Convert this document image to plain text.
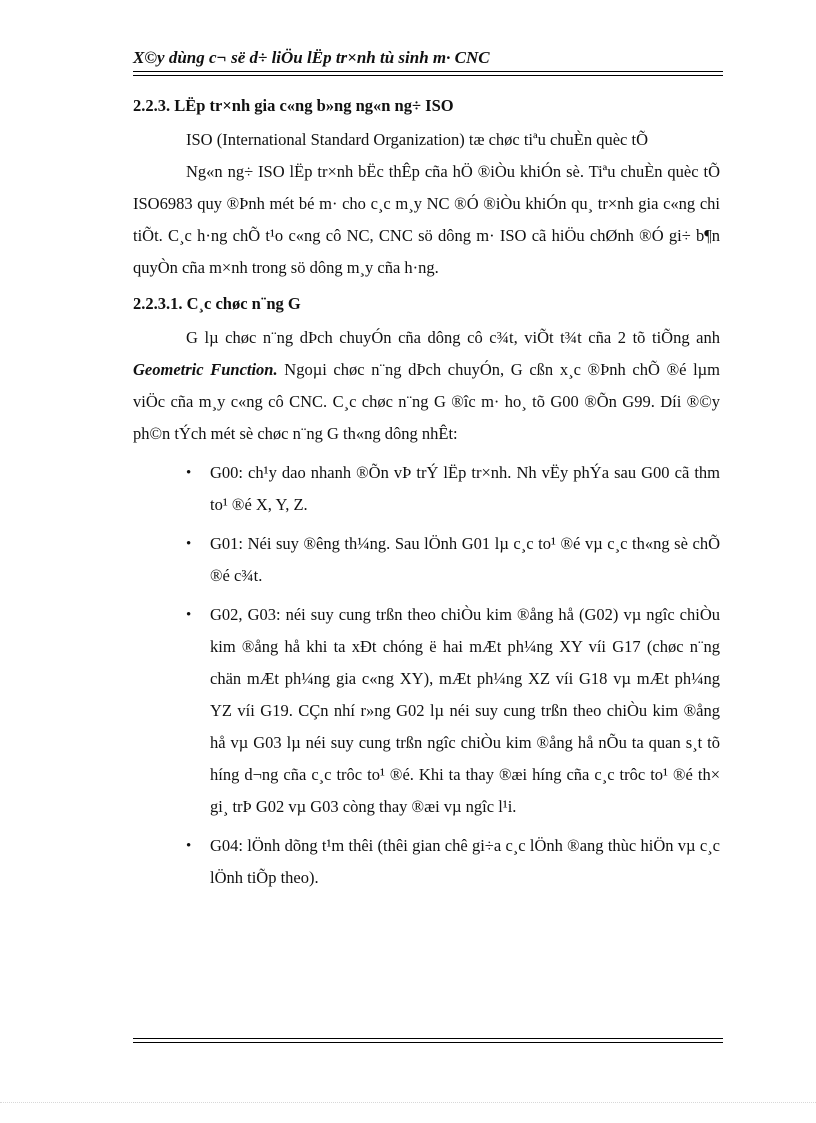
X©y dùng c¬ së d÷ liÖu lËp tr×nh tù sinh m· CNC
2.2.3. LËp tr×nh gia c«ng b»ng ng«n ng÷ ISO

ISO (International Standard Organization) tæ chøc tiªu chuÈn quèc tÕ

Ng«n ng÷ ISO lËp tr×nh bËc thÊp cña hÖ ®iÒu khiÓn sè. Tiªu chuÈn quèc tÕ ISO6983 quy ®Þnh mét bé m· cho c¸c m¸y NC ®Ó ®iÒu khiÓn qu¸ tr×nh gia c«ng chi tiÕt. C¸c h·ng chÕ t¹o c«ng cô NC, CNC sö dông m· ISO cã hiÖu chØnh ®Ó gi÷ b¶n quyÒn cña m×nh trong sö dông m¸y cña h·ng.

2.2.3.1. C¸c chøc n¨ng G

G lµ chøc n¨ng dÞch chuyÓn cña dông cô c¾t, viÕt t¾t cña 2 tõ tiÕng anh Geometric Function. Ngoµi chøc n¨ng dÞch chuyÓn, G cßn x¸c ®Þnh chÕ ®é lµm viÖc cña m¸y c«ng cô CNC. C¸c chøc n¨ng G ®îc m· ho¸ tõ G00 ®Õn G99. Díi ®©y ph©n tÝch mét sè chøc n¨ng G th«ng dông nhÊt:

• G00: ch¹y dao nhanh ®Õn vÞ trÝ lËp tr×nh. Nh vËy phÝa sau G00 cã thm to¹ ®é X, Y, Z.
• G01: Néi suy ®êng th¼ng. Sau lÖnh G01 lµ c¸c to¹ ®é vµ c¸c th«ng sè chÕ ®é c¾t.
• G02, G03: néi suy cung trßn theo chiÒu kim ®ång hå (G02) vµ ngîc chiÒu kim ®ång hå khi ta xÐt chóng ë hai mÆt ph¼ng XY víi G17 (chøc n¨ng chän mÆt ph¼ng gia c«ng XY), mÆt ph¼ng XZ víi G18 vµ mÆt ph¼ng YZ víi G19. CÇn nhí r»ng G02 lµ néi suy cung trßn theo chiÒu kim ®ång hå vµ G03 lµ néi suy cung trßn ngîc chiÒu kim ®ång hå nÕu ta quan s¸t tõ híng d¬ng cña c¸c trôc to¹ ®é. Khi ta thay ®æi híng cña c¸c trôc to¹ ®é th× gi¸ trÞ G02 vµ G03 còng thay ®æi vµ ngîc l¹i.
• G04: lÖnh dõng t¹m thêi (thêi gian chê gi÷a c¸c lÖnh ®ang thùc hiÖn vµ c¸c lÖnh tiÕp theo).
